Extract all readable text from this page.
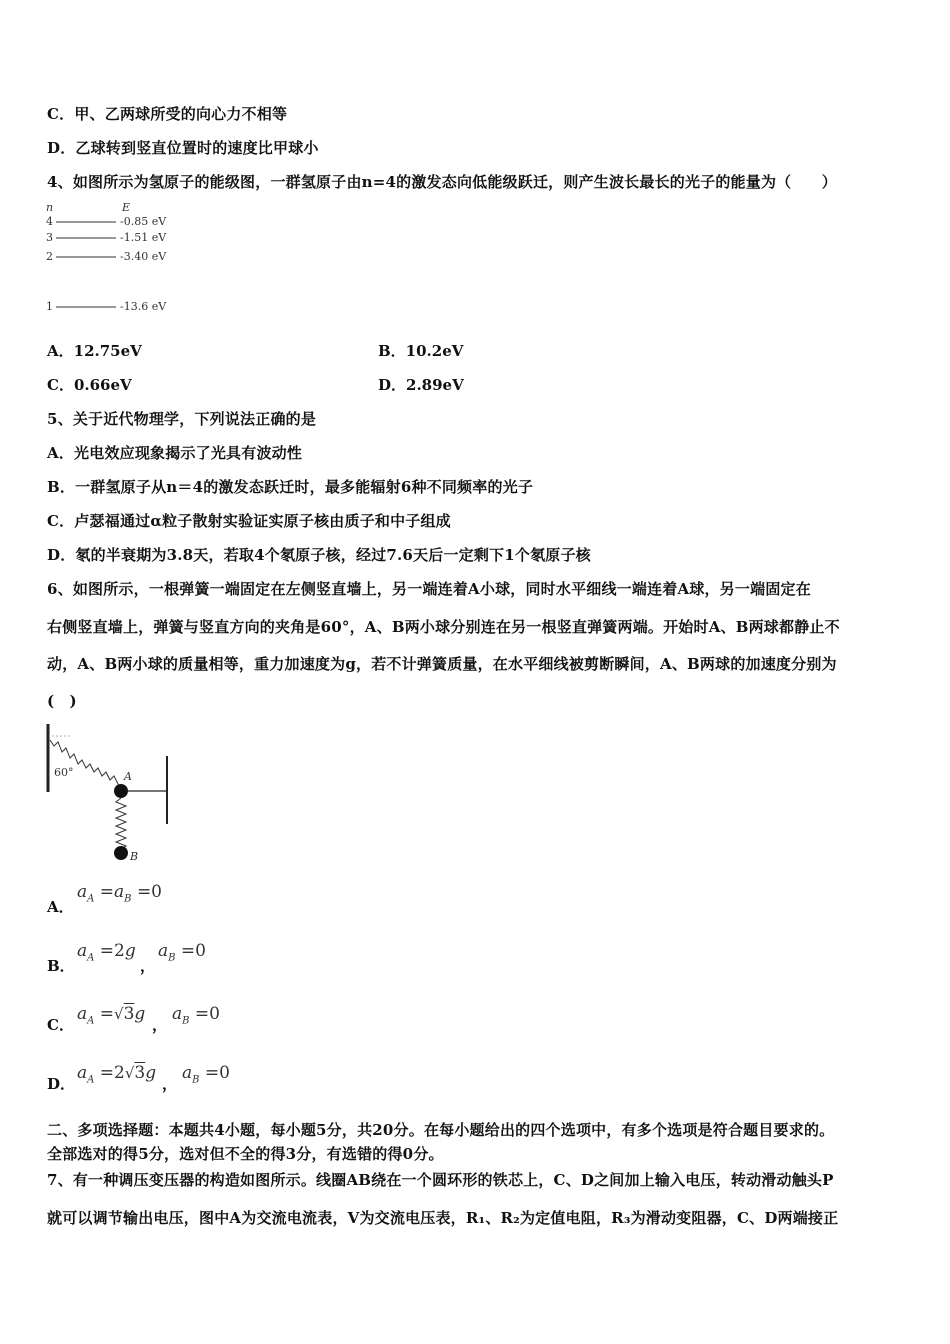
C．甲、乙两球所受的向心力不相等
D．乙球转到竖直位置时的速度比甲球小
4、如图所示为氢原子的能级图，一群氢原子由n=4的激发态向低能级跃迁，则产生波长最长的光子的能量为（　　）
n	E
4	-0.85 eV
3	-1.51 eV
2	-3.40 eV
1	-13.6 eV
A．12.75eV	B．10.2eV
C．0.66eV	D．2.89eV
5、关于近代物理学，下列说法正确的是
A．光电效应现象揭示了光具有波动性
B．一群氢原子从n＝4的激发态跃迁时，最多能辐射6种不同频率的光子
C．卢瑟福通过α粒子散射实验证实原子核由质子和中子组成
D．氡的半衰期为3.8天，若取4个氡原子核，经过7.6天后一定剩下1个氡原子核
6、如图所示，一根弹簧一端固定在左侧竖直墙上，另一端连着A小球，同时水平细线一端连着A球，另一端固定在
右侧竖直墙上，弹簧与竖直方向的夹角是60°，A、B两小球分别连在另一根竖直弹簧两端。开始时A、B两球都静止不
动，A、B两小球的质量相等，重力加速度为g，若不计弹簧质量，在水平细线被剪断瞬间，A、B两球的加速度分别为
(　)
60°	A
B
A．
$a_A =a_B =0$
B．
$a_A =2g$
，
$a_B =0$
C．
$a_A =√3g$
，
$a_B =0$
D．
$a_A =2√3g$
，
$a_B =0$
二、多项选择题：本题共4小题，每小题5分，共20分。在每小题给出的四个选项中，有多个选项是符合题目要求的。
全部选对的得5分，选对但不全的得3分，有选错的得0分。
7、有一种调压变压器的构造如图所示。线圈AB绕在一个圆环形的铁芯上，C、D之间加上输入电压，转动滑动触头P
就可以调节输出电压，图中A为交流电流表，V为交流电压表，R₁、R₂为定值电阻，R₃为滑动变阻器，C、D两端接正
